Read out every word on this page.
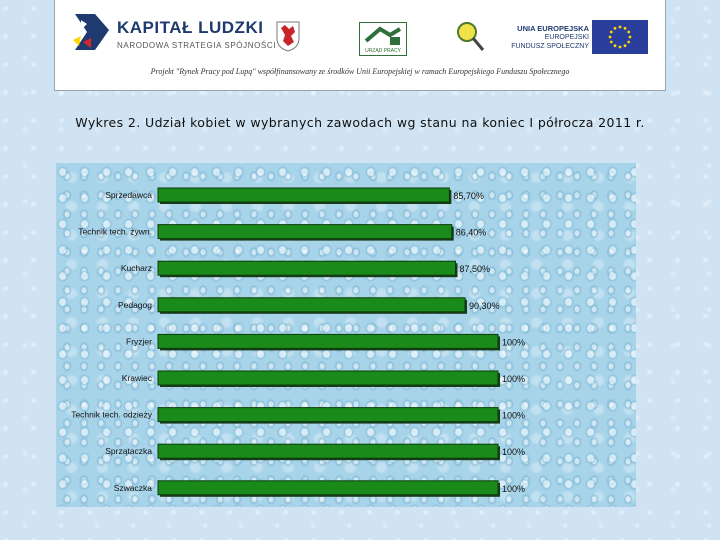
KAPITAŁ LUDZKI
NARODOWA STRATEGIA SPÓJNOŚCI
URZĄD PRACY
UNIA EUROPEJSKA
EUROPEJSKI
FUNDUSZ SPOŁECZNY
Projekt "Rynek Pracy pod Lupą" współfinansowany ze środków Unii Europejskiej w ramach Europejskiego Funduszu Społecznego
Wykres 2. Udział kobiet w wybranych zawodach wg stanu na koniec I półrocza 2011 r.
Sprzedawca	85,70%
Technik tech. żywn.	86,40%
Kucharz	87,50%
Pedagog	90,30%
Fryzjer	100%
Krawiec	100%
Technik tech. odzieży	100%
Sprzątaczka	100%
Szwaczka	100%
